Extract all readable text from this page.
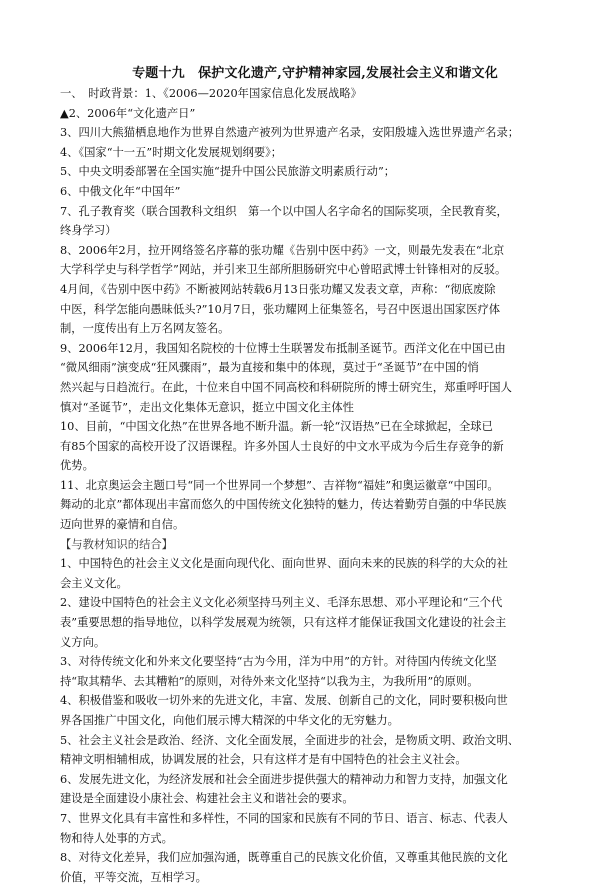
专题十九　保护文化遗产,守护精神家园,发展社会主义和谐文化
一、　时政背景：1、《2006—2020年国家信息化发展战略》
▲2、2006年“文化遗产日”
3、四川大熊猫栖息地作为世界自然遗产被列为世界遗产名录，安阳殷墟入选世界遗产名录；
4、《国家“十一五”时期文化发展规划纲要》；
5、中央文明委部署在全国实施“提升中国公民旅游文明素质行动”；
6、中俄文化年“中国年”
7、孔子教育奖（联合国教科文组织　第一个以中国人名字命名的国际奖项，全民教育奖，
终身学习）
8、2006年2月，拉开网络签名序幕的张功耀《告别中医中药》一文，则最先发表在“北京
大学科学史与科学哲学”网站，并引来卫生部所胆肠研究中心曾昭武博士针锋相对的反驳。
4月间，《告别中医中药》不断被网站转载6月13日张功耀又发表文章，声称：“彻底废除
中医，科学怎能向愚昧低头?”10月7日，张功耀网上征集签名，号召中医退出国家医疗体
制，一度传出有上万名网友签名。
9、2006年12月，我国知名院校的十位博士生联署发布抵制圣诞节。西洋文化在中国已由
“微风细雨”演变成“狂风骤雨”，最为直接和集中的体现，莫过于“圣诞节”在中国的悄
然兴起与日趋流行。在此，十位来自中国不同高校和科研院所的博士研究生，郑重呼吁国人
慎对“圣诞节”，走出文化集体无意识，挺立中国文化主体性
10、目前，“中国文化热”在世界各地不断升温。新一轮“汉语热”已在全球掀起，全球已
有85个国家的高校开设了汉语课程。许多外国人士良好的中文水平成为今后生存竞争的新
优势。
11、北京奥运会主题口号“同一个世界同一个梦想”、吉祥物“福娃”和奥运徽章“中国印。
舞动的北京”都体现出丰富而悠久的中国传统文化独特的魅力，传达着勤劳自强的中华民族
迈向世界的豪情和自信。
【与教材知识的结合】
1、中国特色的社会主义文化是面向现代化、面向世界、面向未来的民族的科学的大众的社
会主义文化。
2、建设中国特色的社会主义文化必须坚持马列主义、毛泽东思想、邓小平理论和“三个代
表”重要思想的指导地位，以科学发展观为统领，只有这样才能保证我国文化建设的社会主
义方向。
3、对待传统文化和外来文化要坚持“古为今用，洋为中用”的方针。对待国内传统文化坚
持“取其精华、去其糟粕”的原则，对待外来文化坚持“以我为主，为我所用”的原则。
4、积极借鉴和吸收一切外来的先进文化，丰富、发展、创新自己的文化，同时要积极向世
界各国推广中国文化，向他们展示博大精深的中华文化的无穷魅力。
5、社会主义社会是政治、经济、文化全面发展，全面进步的社会，是物质文明、政治文明、
精神文明相辅相成，协调发展的社会，只有这样才是有中国特色的社会主义社会。
6、发展先进文化，为经济发展和社会全面进步提供强大的精神动力和智力支持，加强文化
建设是全面建设小康社会、构建社会主义和谐社会的要求。
7、世界文化具有丰富性和多样性，不同的国家和民族有不同的节日、语言、标志、代表人
物和待人处事的方式。
8、对待文化差异，我们应加强沟通，既尊重自己的民族文化价值，又尊重其他民族的文化
价值，平等交流，互相学习。
